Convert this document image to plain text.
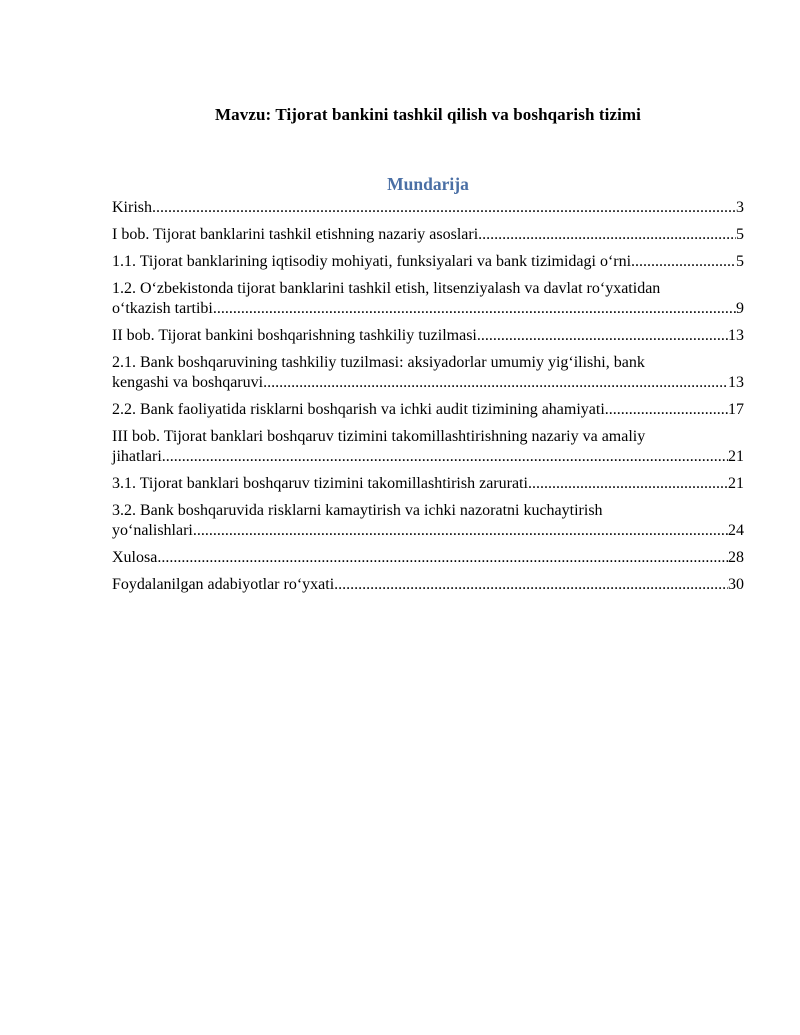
Mavzu: Tijorat bankini tashkil qilish va boshqarish tizimi
Mundarija
Kirish .....	3
I bob. Tijorat banklarini tashkil etishning nazariy asoslari .....	5
1.1. Tijorat banklarining iqtisodiy mohiyati, funksiyalari va bank tizimidagi o‘rni .....	5
1.2. O‘zbekistonda tijorat banklarini tashkil etish, litsenziyalash va davlat ro‘yxatidan
o‘tkazish tartibi .....	9
II bob. Tijorat bankini boshqarishning tashkiliy tuzilmasi .....	13
2.1. Bank boshqaruvining tashkiliy tuzilmasi: aksiyadorlar umumiy yig‘ilishi, bank
kengashi va boshqaruvi .....	13
2.2. Bank faoliyatida risklarni boshqarish va ichki audit tizimining ahamiyati .....	17
III bob. Tijorat banklari boshqaruv tizimini takomillashtirishning nazariy va amaliy
jihatlari .....	21
3.1. Tijorat banklari boshqaruv tizimini takomillashtirish zarurati .....	21
3.2. Bank boshqaruvida risklarni kamaytirish va ichki nazoratni kuchaytirish
yo‘nalishlari .....	24
Xulosa .....	28
Foydalanilgan adabiyotlar ro‘yxati .....	30
